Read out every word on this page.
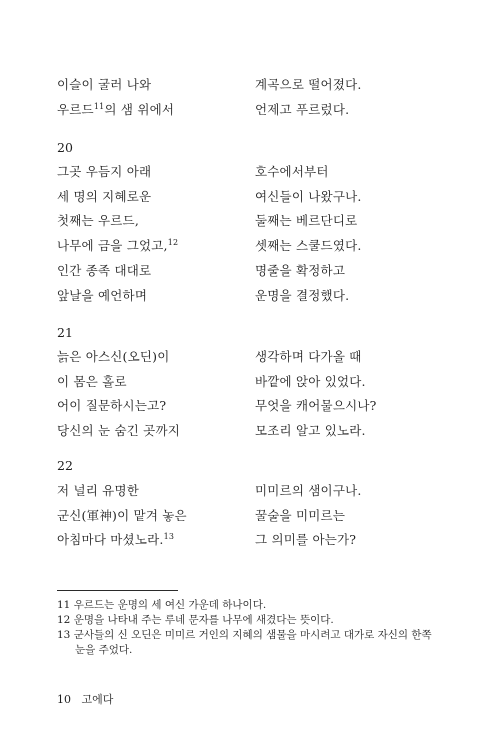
이슬이 굴러 나와	계곡으로 떨어졌다.
우르드$^{11}$의 샘 위에서	언제고 푸르렀다.
20
그곳 우듬지 아래	호수에서부터
세 명의 지혜로운	여신들이 나왔구나.
첫째는 우르드,	둘째는 베르단디로
나무에 금을 그었고,$^{12}$	셋째는 스쿨드였다.
인간 종족 대대로	명줄을 확정하고
앞날을 예언하며	운명을 결정했다.
21
늙은 아스신(오딘)이	생각하며 다가올 때
이 몸은 홀로	바깥에 앉아 있었다.
어이 질문하시는고?	무엇을 캐어물으시나?
당신의 눈 숨긴 곳까지	모조리 알고 있노라.
22
저 널리 유명한	미미르의 샘이구나.
군신(軍神)이 맡겨 놓은	꿀술을 미미르는
아침마다 마셨노라.$^{13}$	그 의미를 아는가?
11 우르드는 운명의 세 여신 가운데 하나이다.
12 운명을 나타내 주는 루네 문자를 나무에 새겼다는 뜻이다.
13 군사들의 신 오딘은 미미르 거인의 지혜의 샘물을 마시려고 대가로 자신의 한쪽
눈을 주었다.
10 고에다
